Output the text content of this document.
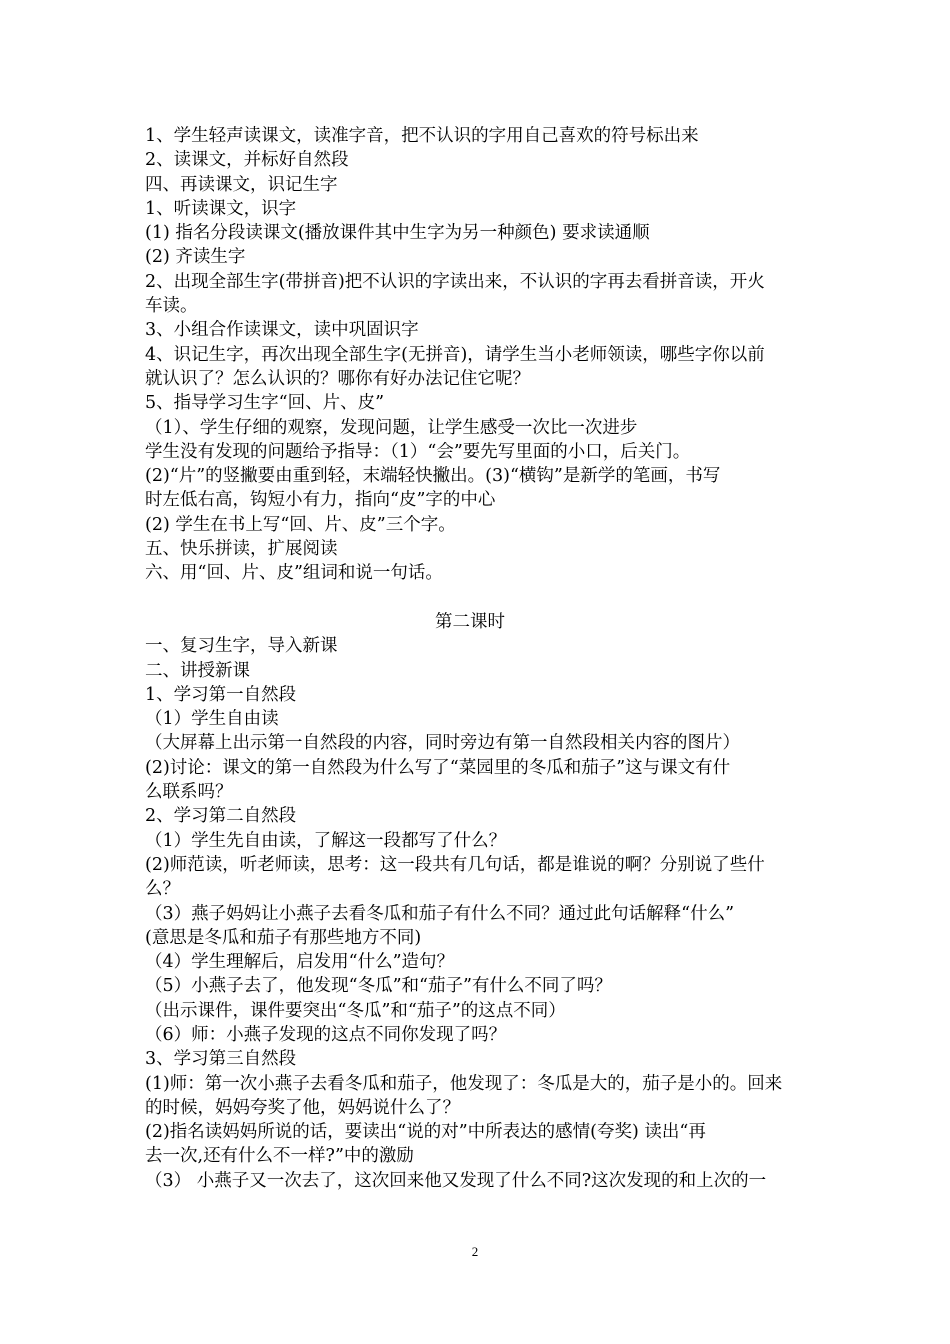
1、学生轻声读课文，读准字音，把不认识的字用自己喜欢的符号标出来
2、读课文，并标好自然段
四、再读课文，识记生字
1、听读课文，识字
(1) 指名分段读课文(播放课件其中生字为另一种颜色) 要求读通顺
(2) 齐读生字
2、出现全部生字(带拼音)把不认识的字读出来，不认识的字再去看拼音读，开火
车读。
3、小组合作读课文，读中巩固识字
4、识记生字，再次出现全部生字(无拼音)，请学生当小老师领读，哪些字你以前
就认识了？怎么认识的？哪你有好办法记住它呢？
5、指导学习生字“回、片、皮”
（1）、学生仔细的观察，发现问题，让学生感受一次比一次进步
学生没有发现的问题给予指导：（1）“会”要先写里面的小口，后关门。
(2)“片”的竖撇要由重到轻，末端轻快撇出。(3)“横钩”是新学的笔画，书写
时左低右高，钩短小有力，指向“皮”字的中心
(2) 学生在书上写“回、片、皮”三个字。
五、快乐拼读，扩展阅读
六、用“回、片、皮”组词和说一句话。
第二课时
一、复习生字，导入新课
二、讲授新课
1、学习第一自然段
（1）学生自由读
（大屏幕上出示第一自然段的内容，同时旁边有第一自然段相关内容的图片）
(2)讨论：课文的第一自然段为什么写了“菜园里的冬瓜和茄子”这与课文有什
么联系吗？
2、学习第二自然段
（1）学生先自由读，了解这一段都写了什么？
(2)师范读，听老师读，思考：这一段共有几句话，都是谁说的啊？分别说了些什
么？
（3）燕子妈妈让小燕子去看冬瓜和茄子有什么不同？通过此句话解释“什么”
(意思是冬瓜和茄子有那些地方不同)
（4）学生理解后，启发用“什么”造句？
（5）小燕子去了，他发现“冬瓜”和“茄子”有什么不同了吗？
（出示课件，课件要突出“冬瓜”和“茄子”的这点不同）
（6）师：小燕子发现的这点不同你发现了吗？
3、学习第三自然段
(1)师：第一次小燕子去看冬瓜和茄子，他发现了：冬瓜是大的，茄子是小的。回来
的时候，妈妈夸奖了他，妈妈说什么了？
(2)指名读妈妈所说的话，要读出“说的对”中所表达的感情(夸奖) 读出“再
去一次,还有什么不一样?”中的激励
（3） 小燕子又一次去了，这次回来他又发现了什么不同?这次发现的和上次的一
2
